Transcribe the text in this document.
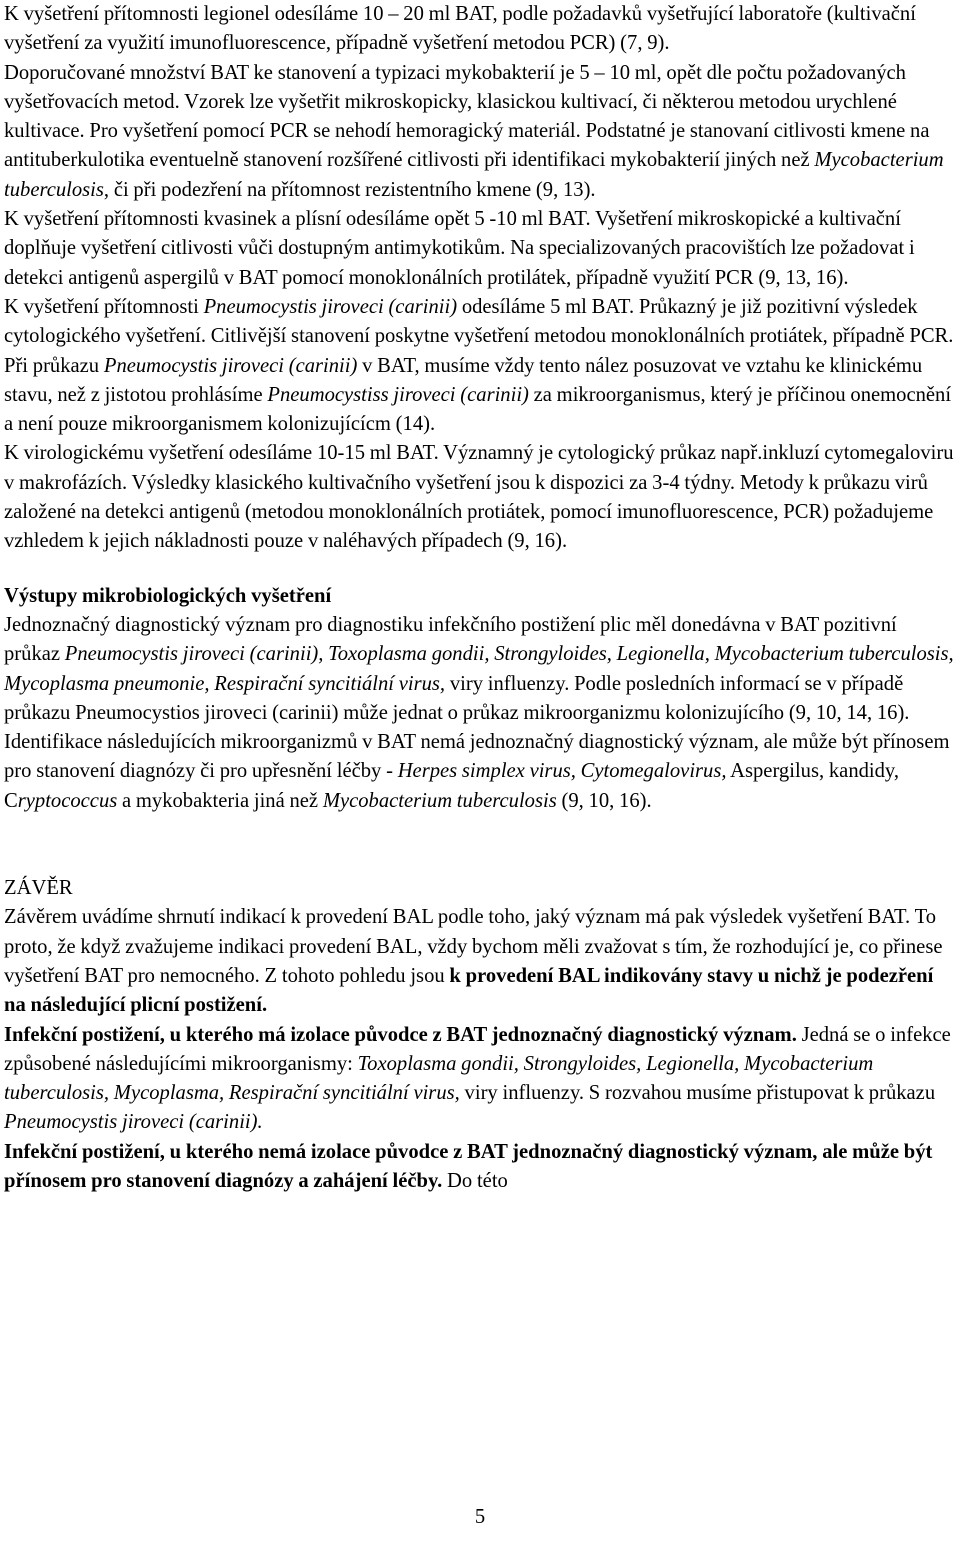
K vyšetření přítomnosti legionel odesíláme 10 – 20 ml BAT, podle požadavků vyšetřující laboratoře (kultivační vyšetření za využití imunofluorescence, případně vyšetření metodou PCR) (7, 9).

Doporučované množství BAT ke stanovení a typizaci mykobakterií je 5 – 10 ml, opět dle počtu požadovaných vyšetřovacích metod. Vzorek lze vyšetřit mikroskopicky, klasickou kultivací, či některou metodou urychlené kultivace. Pro vyšetření pomocí PCR se nehodí hemoragický materiál. Podstatné je stanovaní citlivosti kmene na antituberkulotika eventuelně stanovení rozšířené citlivosti při identifikaci mykobakterií jiných než Mycobacterium tuberculosis, či při podezření na přítomnost rezistentního kmene (9, 13).

K vyšetření přítomnosti kvasinek a plísní odesíláme opět 5 -10 ml BAT. Vyšetření mikroskopické a kultivační doplňuje vyšetření citlivosti vůči dostupným antimykotikům. Na specializovaných pracovištích lze požadovat i detekci antigenů aspergilů v BAT pomocí monoklonálních protilátek, případně využití PCR (9, 13, 16).

K vyšetření přítomnosti Pneumocystis jiroveci (carinii) odesíláme 5 ml BAT. Průkazný je již pozitivní výsledek cytologického vyšetření. Citlivější stanovení poskytne vyšetření metodou monoklonálních protiátek, případně PCR. Při průkazu Pneumocystis jiroveci (carinii) v BAT, musíme vždy tento nález posuzovat ve vztahu ke klinickému stavu, než z jistotou prohlásíme Pneumocystiss jiroveci (carinii) za mikroorganismus, který je příčinou onemocnění a není pouze mikroorganismem kolonizujícícm (14).

K virologickému vyšetření odesíláme 10-15 ml BAT. Významný je cytologický průkaz např.inkluzí cytomegaloviru v makrofázích. Výsledky klasického kultivačního vyšetření jsou k dispozici za 3-4 týdny. Metody k průkazu virů založené na detekci antigenů (metodou monoklonálních protiátek, pomocí imunofluorescence, PCR) požadujeme vzhledem k jejich nákladnosti pouze v naléhavých případech (9, 16).

Výstupy mikrobiologických vyšetření

Jednoznačný diagnostický význam pro diagnostiku infekčního postižení plic měl donedávna v BAT pozitivní průkaz Pneumocystis jiroveci (carinii), Toxoplasma gondii, Strongyloides, Legionella, Mycobacterium tuberculosis, Mycoplasma pneumonie, Respirační syncitiální virus, viry influenzy. Podle posledních informací se v případě průkazu Pneumocystios jiroveci (carinii) může jednat o průkaz mikroorganizmu kolonizujícího (9, 10, 14, 16).

Identifikace následujících mikroorganizmů v BAT nemá jednoznačný diagnostický význam, ale může být přínosem pro stanovení diagnózy či pro upřesnění léčby - Herpes simplex virus, Cytomegalovirus, Aspergilus, kandidy, Cryptococcus a mykobakteria jiná než Mycobacterium tuberculosis (9, 10, 16).

ZÁVĚR

Závěrem uvádíme shrnutí indikací k provedení BAL podle toho, jaký význam má pak výsledek vyšetření BAT. To proto, že když zvažujeme indikaci provedení BAL, vždy bychom měli zvažovat s tím, že rozhodující je, co přinese vyšetření BAT pro nemocného. Z tohoto pohledu jsou k provedení BAL indikovány stavy u nichž je podezření na následující plicní postižení.

Infekční postižení, u kterého má izolace původce z BAT jednoznačný diagnostický význam. Jedná se o infekce způsobené následujícími mikroorganismy: Toxoplasma gondii, Strongyloides, Legionella, Mycobacterium tuberculosis, Mycoplasma, Respirační syncitiální virus, viry influenzy. S rozvahou musíme přistupovat k průkazu Pneumocystis jiroveci (carinii).

Infekční postižení, u kterého nemá izolace původce z BAT jednoznačný diagnostický význam, ale může být přínosem pro stanovení diagnózy a zahájení léčby. Do této

5
